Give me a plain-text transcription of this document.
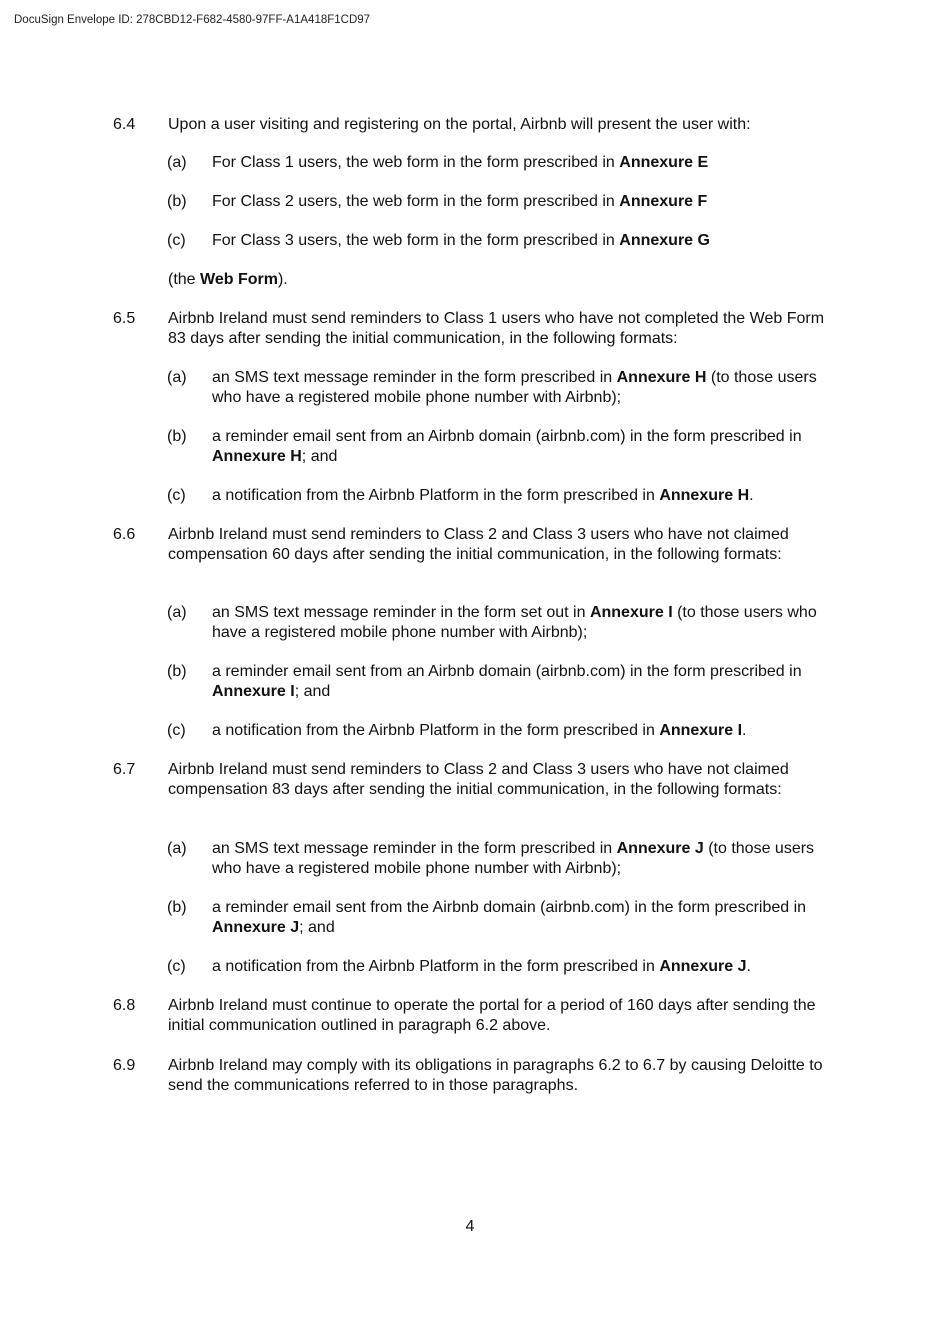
DocuSign Envelope ID: 278CBD12-F682-4580-97FF-A1A418F1CD97
6.4	Upon a user visiting and registering on the portal, Airbnb will present the user with:
(a)	For Class 1 users, the web form in the form prescribed in Annexure E
(b)	For Class 2 users, the web form in the form prescribed in Annexure F
(c)	For Class 3 users, the web form in the form prescribed in Annexure G
(the Web Form).
6.5	Airbnb Ireland must send reminders to Class 1 users who have not completed the Web Form 83 days after sending the initial communication, in the following formats:
(a)	an SMS text message reminder in the form prescribed in Annexure H (to those users who have a registered mobile phone number with Airbnb);
(b)	a reminder email sent from an Airbnb domain (airbnb.com) in the form prescribed in Annexure H; and
(c)	a notification from the Airbnb Platform in the form prescribed in Annexure H.
6.6	Airbnb Ireland must send reminders to Class 2 and Class 3 users who have not claimed compensation 60 days after sending the initial communication, in the following formats:
(a)	an SMS text message reminder in the form set out in Annexure I (to those users who have a registered mobile phone number with Airbnb);
(b)	a reminder email sent from an Airbnb domain (airbnb.com) in the form prescribed in Annexure I; and
(c)	a notification from the Airbnb Platform in the form prescribed in Annexure I.
6.7	Airbnb Ireland must send reminders to Class 2 and Class 3 users who have not claimed compensation 83 days after sending the initial communication, in the following formats:
(a)	an SMS text message reminder in the form prescribed in Annexure J (to those users who have a registered mobile phone number with Airbnb);
(b)	a reminder email sent from the Airbnb domain (airbnb.com) in the form prescribed in Annexure J; and
(c)	a notification from the Airbnb Platform in the form prescribed in Annexure J.
6.8	Airbnb Ireland must continue to operate the portal for a period of 160 days after sending the initial communication outlined in paragraph 6.2 above.
6.9	Airbnb Ireland may comply with its obligations in paragraphs 6.2 to 6.7 by causing Deloitte to send the communications referred to in those paragraphs.
4
